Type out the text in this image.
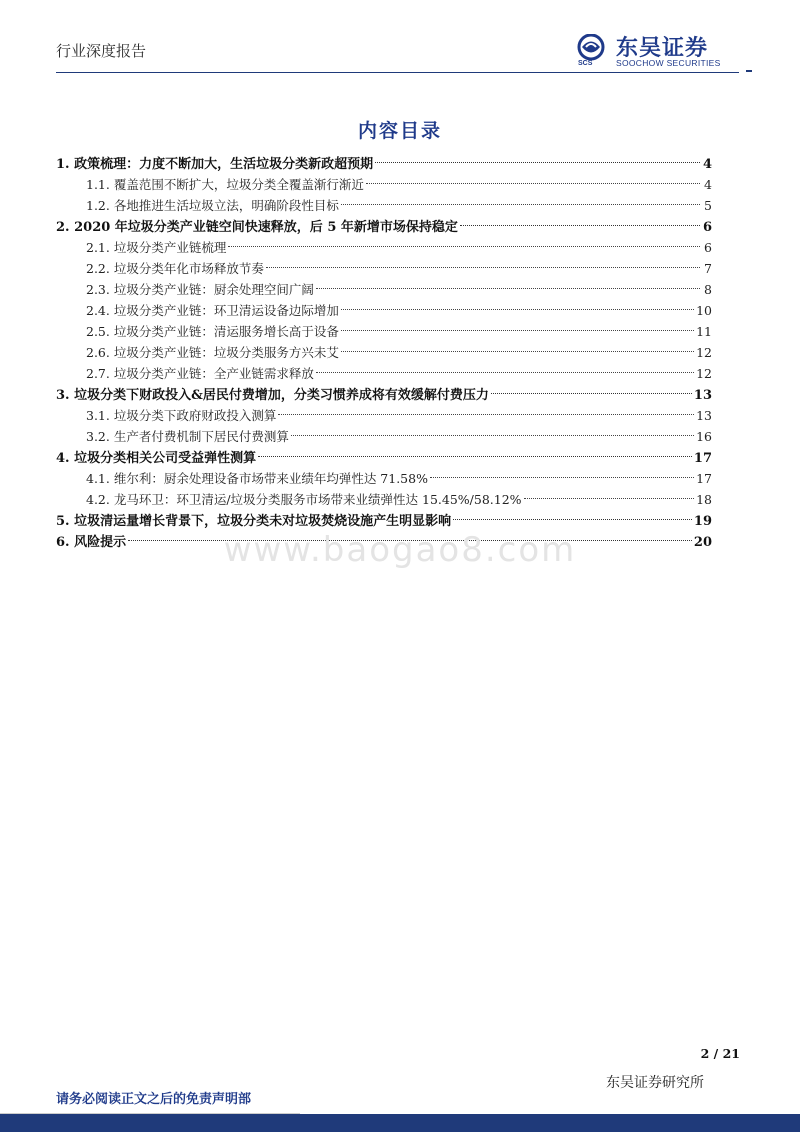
行业深度报告
SCS
东吴证券
SOOCHOW SECURITIES
内容目录
1. 政策梳理：力度不断加大，生活垃圾分类新政超预期	4
1.1. 覆盖范围不断扩大，垃圾分类全覆盖渐行渐近	4
1.2. 各地推进生活垃圾立法，明确阶段性目标	5
2. 2020 年垃圾分类产业链空间快速释放，后 5 年新增市场保持稳定	6
2.1. 垃圾分类产业链梳理	6
2.2. 垃圾分类年化市场释放节奏	7
2.3. 垃圾分类产业链：厨余处理空间广阔	8
2.4. 垃圾分类产业链：环卫清运设备边际增加	10
2.5. 垃圾分类产业链：清运服务增长高于设备	11
2.6. 垃圾分类产业链：垃圾分类服务方兴未艾	12
2.7. 垃圾分类产业链：全产业链需求释放	12
3. 垃圾分类下财政投入&居民付费增加，分类习惯养成将有效缓解付费压力	13
3.1. 垃圾分类下政府财政投入测算	13
3.2. 生产者付费机制下居民付费测算	16
4. 垃圾分类相关公司受益弹性测算	17
4.1. 维尔利：厨余处理设备市场带来业绩年均弹性达 71.58%	17
4.2. 龙马环卫：环卫清运/垃圾分类服务市场带来业绩弹性达 15.45%/58.12%	18
5. 垃圾清运量增长背景下，垃圾分类未对垃圾焚烧设施产生明显影响	19
6. 风险提示	20
www.baogao8.com
2 / 21
东吴证券研究所
请务必阅读正文之后的免责声明部
